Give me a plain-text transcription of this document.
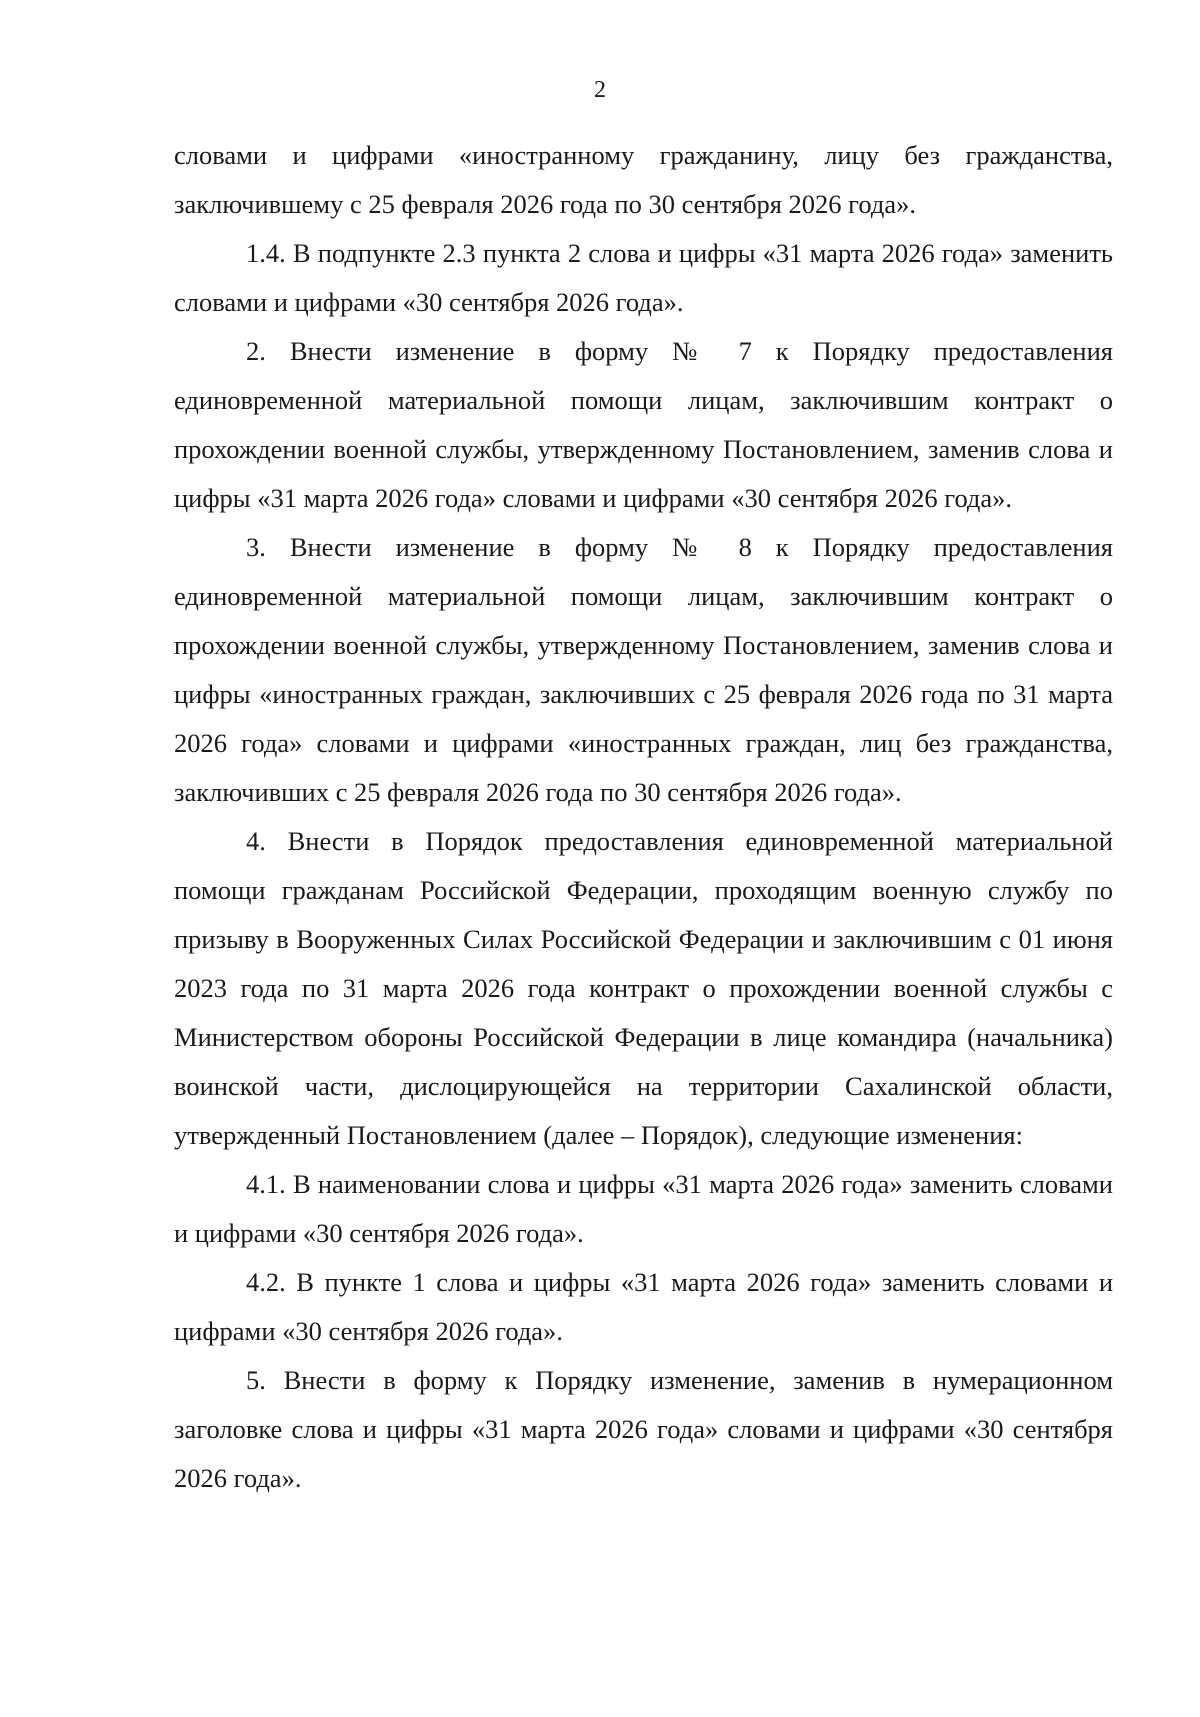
2

словами и цифрами «иностранному гражданину, лицу без гражданства, заключившему с 25 февраля 2026 года по 30 сентября 2026 года».

1.4. В подпункте 2.3 пункта 2 слова и цифры «31 марта 2026 года» заменить словами и цифрами «30 сентября 2026 года».

2. Внести изменение в форму № 7 к Порядку предоставления единовременной материальной помощи лицам, заключившим контракт о прохождении военной службы, утвержденному Постановлением, заменив слова и цифры «31 марта 2026 года» словами и цифрами «30 сентября 2026 года».

3. Внести изменение в форму № 8 к Порядку предоставления единовременной материальной помощи лицам, заключившим контракт о прохождении военной службы, утвержденному Постановлением, заменив слова и цифры «иностранных граждан, заключивших с 25 февраля 2026 года по 31 марта 2026 года» словами и цифрами «иностранных граждан, лиц без гражданства, заключивших с 25 февраля 2026 года по 30 сентября 2026 года».

4. Внести в Порядок предоставления единовременной материальной помощи гражданам Российской Федерации, проходящим военную службу по призыву в Вооруженных Силах Российской Федерации и заключившим с 01 июня 2023 года по 31 марта 2026 года контракт о прохождении военной службы с Министерством обороны Российской Федерации в лице командира (начальника) воинской части, дислоцирующейся на территории Сахалинской области, утвержденный Постановлением (далее – Порядок), следующие изменения:

4.1. В наименовании слова и цифры «31 марта 2026 года» заменить словами и цифрами «30 сентября 2026 года».

4.2. В пункте 1 слова и цифры «31 марта 2026 года» заменить словами и цифрами «30 сентября 2026 года».

5. Внести в форму к Порядку изменение, заменив в нумерационном заголовке слова и цифры «31 марта 2026 года» словами и цифрами «30 сентября 2026 года».
